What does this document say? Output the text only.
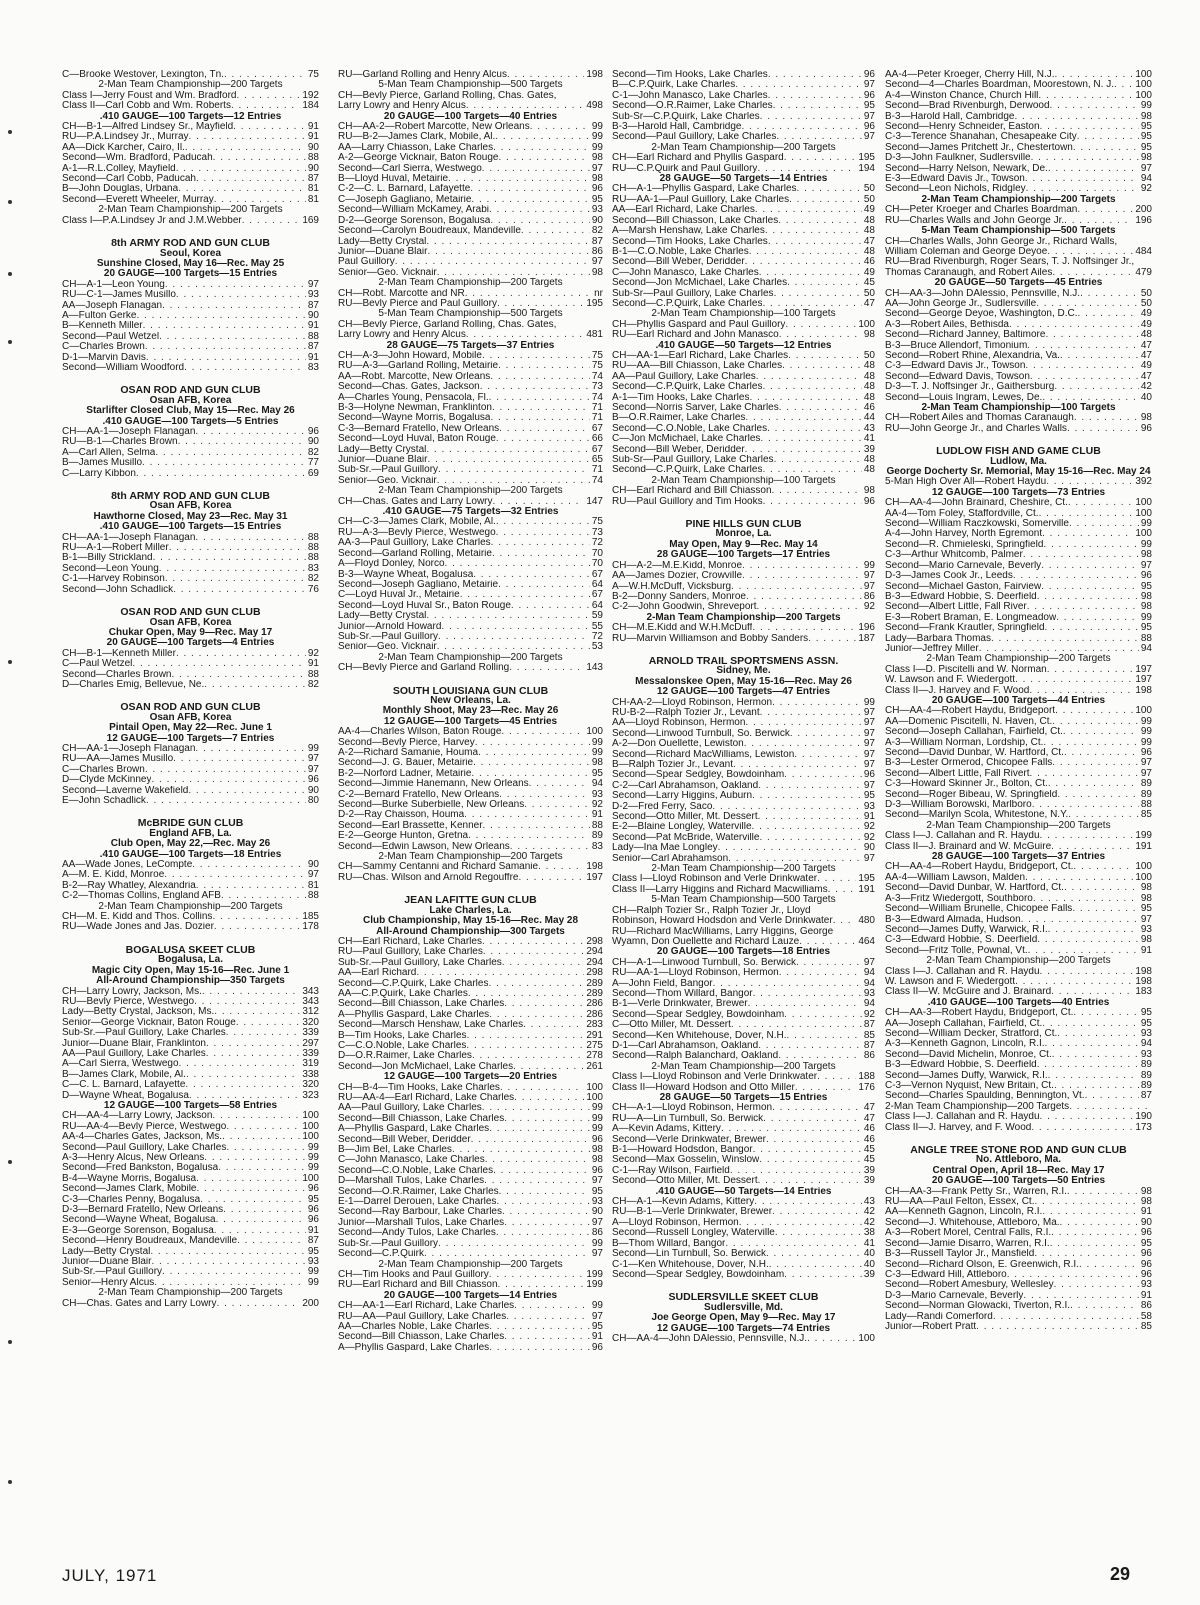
C—Brooke Westover, Lexington, Tn. . . .	75
2-Man Team Championship—200 Targets
Class I—Jerry Foust and Wm. Bradford . . .	192
Class II—Carl Cobb and Wm. Roberts . . .	184
.410 GAUGE—100 Targets—12 Entries
CH—B-1—Alfred Lindsey Sr., Mayfield . . .	91
RU—P.A.Lindsey Jr., Murray . . .	91
AA—Dick Karcher, Cairo, Il. . . .	90
Second—Wm. Bradford, Paducah . . .	88
A-1—R.L.Colley, Mayfield . . .	90
Second—Carl Cobb, Paducah . . .	87
B—John Douglas, Urbana . . .	81
Second—Everett Wheeler, Murray . . .	81
2-Man Team Championship—200 Targets
Class I—P.A.Lindsey Jr and J.M.Webber . . .	169
8th ARMY ROD AND GUN CLUB
Seoul, Korea
Sunshine Closed, May 16—Rec. May 25
20 GAUGE—100 Targets—15 Entries
CH—A-1—Leon Young . . .	97
RU—C-1—James Musillo . . .	93
AA—Joseph Flanagan . . .	87
A—Fulton Gerke . . .	90
B—Kenneth Miller . . .	91
Second—Paul Wetzel . . .	88
C—Charles Brown . . .	87
D-1—Marvin Davis . . .	91
Second—William Woodford . . .	83
OSAN ROD AND GUN CLUB
Osan AFB, Korea
Starlifter Closed Club, May 15—Rec. May 26
.410 GAUGE—100 Targets—5 Entries
CH—AA-1—Joseph Flanagan . . .	96
RU—B-1—Charles Brown . . .	90
A—Carl Allen, Selma . . .	82
B—James Musillo . . .	77
C—Larry Kibbon . . .	69
8th ARMY ROD AND GUN CLUB
Osan AFB, Korea
Hawthorne Closed, May 23—Rec. May 31
.410 GAUGE—100 Targets—15 Entries
CH—AA-1—Joseph Flanagan . . .	88
RU—A-1—Robert Miller . . .	88
B-1—Billy Strickland . . .	88
Second—Leon Young . . .	83
C-1—Harvey Robinson . . .	82
Second—John Schadlick . . .	76
OSAN ROD AND GUN CLUB
Osan AFB, Korea
Chukar Open, May 9—Rec. May 17
20 GAUGE—100 Targets—4 Entries
CH—B-1—Kenneth Miller . . .	92
C—Paul Wetzel . . .	91
Second—Charles Brown . . .	88
D—Charles Emig, Bellevue, Ne. . . .	82
OSAN ROD AND GUN CLUB
Osan AFB, Korea
Pintail Open, May 22—Rec. June 1
12 GAUGE—100 Targets—7 Entries
CH—AA-1—Joseph Flanagan . . .	99
RU—AA—James Musillo . . .	97
C—Charles Brown . . .	97
D—Clyde McKinney . . .	96
Second—Laverne Wakefield . . .	90
E—John Schadlick . . .	80
McBRIDE GUN CLUB
England AFB, La.
Club Open, May 22,—Rec. May 26
.410 GAUGE—100 Targets—18 Entries
AA—Wade Jones, LeCompte . . .	90
A—M. E. Kidd, Monroe . . .	97
B-2—Ray Whatley, Alexandria . . .	81
C-2—Thomas Collins, England AFB . . .	88
2-Man Team Championship—200 Targets
CH—M. E. Kidd and Thos. Collins . . .	185
RU—Wade Jones and Jas. Dozier . . .	178
BOGALUSA SKEET CLUB
Bogalusa, La.
Magic City Open, May 15-16—Rec. June 1
All-Around Championship—350 Targets
CH—Larry Lowry, Jackson, Ms. . . .	343
RU—Bevly Pierce, Westwego . . .	343
Lady—Betty Crystal, Jackson, Ms. . . .	312
Senior—George Vicknair, Baton Rouge . . .	320
Sub-Sr.—Paul Guillory, Lake Charles . . .	339
Junior—Duane Blair, Franklinton . . .	297
AA—Paul Guillory, Lake Charles . . .	339
A—Carl Sierra, Westwego . . .	319
B—James Clark, Mobile, Al. . . .	338
C—C. L. Barnard, Lafayette . . .	320
D—Wayne Wheat, Bogalusa . . .	323
12 GAUGE—100 Targets—58 Entries
CH—AA-4—Larry Lowry, Jackson . . .	100
RU—AA-4—Bevly Pierce, Westwego . . .	100
AA-4—Charles Gates, Jackson, Ms. . . .	100
Second—Paul Guillory, Lake Charles . . .	99
A-3—Henry Alcus, New Orleans . . .	99
Second—Fred Bankston, Bogalusa . . .	99
B-4—Wayne Morris, Bogalusa . . .	100
Second—James Clark, Mobile . . .	96
C-3—Charles Penny, Bogalusa . . .	95
D-3—Bernard Fratello, New Orleans . . .	96
Second—Wayne Wheat, Bogalusa . . .	96
E-3—George Sorenson, Bogalusa . . .	91
Second—Henry Boudreaux, Mandeville . . .	87
Lady—Betty Crystal . . .	95
Junior—Duane Blair . . .	93
Sub-Sr.—Paul Guillory . . .	99
Senior—Henry Alcus . . .	99
2-Man Team Championship—200 Targets
CH—Chas. Gates and Larry Lowry . . .	200
RU—Garland Rolling and Henry Alcus . . .	198
5-Man Team Championship—500 Targets
CH—Bevly Pierce, Garland Rolling, Chas. Gates,
Larry Lowry and Henry Alcus . . .	498
20 GAUGE—100 Targets—40 Entries
CH—AA-2—Robert Marcotte, New Orleans . . .	99
RU—B-2—James Clark, Mobile, Al. . . .	99
AA—Larry Chiasson, Lake Charles . . .	99
A-2—George Vicknair, Baton Rouge . . .	98
Second—Carl Sierra, Westwego . . .	97
B—Lloyd Huval, Metairie . . .	98
C-2—C. L. Barnard, Lafayette . . .	96
C—Joseph Gagliano, Metairie . . .	95
Second—William McKamey, Arabi . . .	93
D-2—George Sorenson, Bogalusa . . .	90
Second—Carolyn Boudreaux, Mandeville . . .	82
Lady—Betty Crystal . . .	87
Junior—Duane Blair . . .	86
Paul Guillory . . .	97
Senior—Geo. Vicknair . . .	98
2-Man Team Championship—200 Targets
CH—Robt. Marcotte and NR . . .	nr
RU—Bevly Pierce and Paul Guillory . . .	195
5-Man Team Championship—500 Targets
CH—Bevly Pierce, Garland Rolling, Chas. Gates,
Larry Lowry and Henry Alcus . . .	481
28 GAUGE—75 Targets—37 Entries
CH—A-3—John Howard, Mobile . . .	75
RU—A-3—Garland Rolling, Metairie . . .	75
AA—Robt. Marcotte, New Orleans . . .	74
Second—Chas. Gates, Jackson . . .	73
A—Charles Young, Pensacola, Fl. . . .	74
B-3—Holyne Newman, Franklinton . . .	71
Second—Wayne Morris, Bogalusa . . .	71
C-3—Bernard Fratello, New Orleans . . .	67
Second—Loyd Huval, Baton Rouge . . .	66
Lady—Betty Crystal . . .	67
Junior—Duane Blair . . .	65
Sub-Sr.—Paul Guillory . . .	71
Senior—Geo. Vicknair . . .	74
2-Man Team Championship—200 Targets
CH—Chas. Gates and Larry Lowry . . .	147
.410 GAUGE—75 Targets—32 Entries
CH—C-3—James Clark, Mobile, Al. . . .	75
RU—A-3—Bevly Pierce, Westwego . . .	73
AA-3—Paul Guillory, Lake Charles . . .	72
Second—Garland Rolling, Metairie . . .	70
A—Floyd Donley, Norco . . .	70
B-3—Wayne Wheat, Bogalusa . . .	67
Second—Joseph Gagliano, Metairie . . .	64
C—Loyd Huval Jr., Metairie . . .	67
Second—Loyd Huval Sr., Baton Rouge . . .	64
Lady—Betty Crystal . . .	59
Junior—Arnold Howard . . .	55
Sub-Sr.—Paul Guillory . . .	72
Senior—Geo. Vicknair . . .	53
2-Man Team Championship—200 Targets
CH—Bevly Pierce and Garland Rolling . . .	143
SOUTH LOUISIANA GUN CLUB
New Orleans, La.
Monthly Shoot, May 23—Rec. May 26
12 GAUGE—100 Targets—45 Entries
AA-4—Charles Wilson, Baton Rouge . . .	100
Second—Bevly Pierce, Harvey . . .	99
A-2—Richard Samanie, Houma . . .	99
Second—J. G. Bauer, Metairie . . .	98
B-2—Norford Ladner, Metairie . . .	95
Second—Jimmie Hanemann, New Orleans . . .	94
C-2—Bernard Fratello, New Orleans . . .	93
Second—Burke Suberbielle, New Orleans . . .	92
D-2—Ray Chaisson, Houma . . .	91
Second—Earl Brassette, Kenner . . .	88
E-2—George Hunton, Gretna . . .	89
Second—Edwin Lawson, New Orleans . . .	83
2-Man Team Championship—200 Targets
CH—Sammy Centanni and Richard Samanie . . .	198
RU—Chas. Wilson and Arnold Regouffre . . .	197
JEAN LAFITTE GUN CLUB
Lake Charles, La.
Club Championship, May 15-16—Rec. May 28
All-Around Championship—300 Targets
CH—Earl Richard, Lake Charles . . .	298
RU—Paul Guillory, Lake Charles . . .	294
Sub-Sr.—Paul Guillory, Lake Charles . . .	294
AA—Earl Richard . . .	298
Second—C.P.Quirk, Lake Charles . . .	289
AA—C.P.Quirk, Lake Charles . . .	289
Second—Bill Chiasson, Lake Charles . . .	286
A—Phyllis Gaspard, Lake Charles . . .	286
Second—Marsch Henshaw, Lake Charles . . .	283
B—Tim Hooks, Lake Charles . . .	291
C—C.O.Noble, Lake Charles . . .	275
D—O.R.Raimer, Lake Charles . . .	278
Second—Jon McMichael, Lake Charles . . .	261
12 GAUGE—100 Targets—20 Entries
CH—B-4—Tim Hooks, Lake Charles . . .	100
RU—AA-4—Earl Richard, Lake Charles . . .	100
AA—Paul Guillory, Lake Charles . . .	99
Second—Bill Chiasson, Lake Charles . . .	99
A—Phyllis Gaspard, Lake Charles . . .	99
Second—Bill Weber, Deridder . . .	96
B—Jim Bel, Lake Charles . . .	98
C—John Manasco, Lake Charles . . .	98
Second—C.O.Noble, Lake Charles . . .	96
D—Marshall Tulos, Lake Charles . . .	97
Second—O.R.Raimer, Lake Charles . . .	95
E-1—Darrel Derouen, Lake Charles . . .	93
Second—Ray Barbour, Lake Charles . . .	90
Junior—Marshall Tulos, Lake Charles . . .	97
Second—Andy Tulos, Lake Charles . . .	86
Sub-Sr.—Paul Guillory . . .	99
Second—C.P.Quirk . . .	97
2-Man Team Championship—200 Targets
CH—Tim Hooks and Paul Guillory . . .	199
RU—Earl Richard and Bill Chiasson . . .	199
20 GAUGE—100 Targets—14 Entries
CH—AA-1—Earl Richard, Lake Charles . . .	99
RU—AA—Paul Guillory, Lake Charles . . .	97
AA—Charles Noble, Lake Charles . . .	95
Second—Bill Chiasson, Lake Charles . . .	91
A—Phyllis Gaspard, Lake Charles . . .	96
Second—Tim Hooks, Lake Charles . . .	96
B—C.P.Quirk, Lake Charles . . .	97
C-1—John Manasco, Lake Charles . . .	96
Second—O.R.Raimer, Lake Charles . . .	95
Sub-Sr—C.P.Quirk, Lake Charles . . .	97
B-3—Harold Hall, Cambridge . . .	96
Second—Paul Guillory, Lake Charles . . .	97
2-Man Team Championship—200 Targets
CH—Earl Richard and Phyllis Gaspard . . .	195
RU—C.P.Quirk and Paul Guillory . . .	194
28 GAUGE—50 Targets—14 Entries
CH—A-1—Phyllis Gaspard, Lake Charles . . .	50
RU—AA-1—Paul Guillory, Lake Charles . . .	50
AA—Earl Richard, Lake Charles . . .	49
Second—Bill Chiasson, Lake Charles . . .	48
A—Marsh Henshaw, Lake Charles . . .	48
Second—Tim Hooks, Lake Charles . . .	47
B-1—C.O.Noble, Lake Charles . . .	48
Second—Bill Weber, Deridder . . .	46
C—John Manasco, Lake Charles . . .	49
Second—Jon McMichael, Lake Charles . . .	45
Sub-Sr—Paul Guillory, Lake Charles . . .	50
Second—C.P.Quirk, Lake Charles . . .	47
2-Man Team Championship—100 Targets
CH—Phyllis Gaspard and Paul Guillory . . .	100
RU—Earl Richard and John Manasco . . .	98
.410 GAUGE—50 Targets—12 Entries
CH—AA-1—Earl Richard, Lake Charles . . .	50
RU—AA—Bill Chiasson, Lake Charles . . .	48
AA—Paul Guillory, Lake Charles . . .	48
Second—C.P.Quirk, Lake Charles . . .	48
A-1—Tim Hooks, Lake Charles . . .	48
Second—Norris Sarver, Lake Charles . . .	46
B—O.R.Raimer, Lake Charles . . .	44
Second—C.O.Noble, Lake Charles . . .	43
C—Jon McMichael, Lake Charles . . .	41
Second—Bill Weber, Deridder . . .	39
Sub-Sr—Paul Guillory, Lake Charles . . .	48
Second—C.P.Quirk, Lake Charles . . .	48
2-Man Team Championship—100 Targets
CH—Earl Richard and Bill Chiasson . . .	98
RU—Paul Guillory and Tim Hooks . . .	96
PINE HILLS GUN CLUB
Monroe, La.
May Open, May 9—Rec. May 14
28 GAUGE—100 Targets—17 Entries
CH—A-2—M.E.Kidd, Monroe . . .	99
AA—James Dozier, Crowville . . .	97
A—W.H.McDuff, Vicksburg . . .	97
B-2—Donny Sanders, Monroe . . .	86
C-2—John Goodwin, Shreveport . . .	92
2-Man Team Championship—200 Targets
CH—M.E.Kidd and W.H.McDuff . . .	196
RU—Marvin Williamson and Bobby Sanders . . .	187
ARNOLD TRAIL SPORTSMENS ASSN.
Sidney, Me.
Messalonskee Open, May 15-16—Rec. May 26
12 GAUGE—100 Targets—47 Entries
CH-AA-2—Lloyd Robinson, Hermon . . .	99
RU-B-2—Ralph Tozier Jr., Levant . . .	97
AA—Lloyd Robinson, Hermon . . .	97
Second—Linwood Turnbull, So. Berwick . . .	97
A-2—Don Ouellette, Lewiston . . .	97
Second—Richard MacWilliams, Lewiston . . .	97
B—Ralph Tozier Jr., Levant . . .	97
Second—Spear Sedgley, Bowdoinham . . .	96
C-2—Carl Abrahamson, Oakland . . .	97
Second—Larry Higgins, Auburn . . .	95
D-2—Fred Ferry, Saco . . .	93
Second—Otto Miller, Mt. Dessert . . .	91
E-2—Blaine Longley, Waterville . . .	92
Second—Pat McBride, Waterville . . .	92
Lady—Ina Mae Longley . . .	90
Senior—Carl Abrahamson . . .	97
2-Man Team Championship—200 Targets
Class I—Lloyd Robinson and Verle Drinkwater . . .	195
Class II—Larry Higgins and Richard Macwilliams . . .	191
5-Man Team Championship—500 Targets
CH—Ralph Tozier Sr., Ralph Tozier Jr., Lloyd
Robinson, Howard Hodsdon and Verle Drinkwater . . .	480
RU—Richard MacWilliams, Larry Higgins, George
Wyamn, Don Ouellette and Richard Lauze . . .	464
20 GAUGE—100 Targets—18 Entries
CH—A-1—Linwood Turnbull, So. Berwick . . .	97
RU—AA-1—Lloyd Robinson, Hermon . . .	94
A—John Field, Bangor . . .	94
Second—Thom Willard, Bangor . . .	93
B-1—Verle Drinkwater, Brewer . . .	94
Second—Spear Sedgley, Bowdoinham . . .	92
C—Otto Miller, Mt. Dessert . . .	87
Second—Ken Whitehouse, Dover, N.H. . . .	85
D-1—Carl Abrahamson, Oakland . . .	87
Second—Ralph Balanchard, Oakland . . .	86
2-Man Team Championship—200 Targets
Class I—Lloyd Robinson and Verle Drinkwater . . .	188
Class II—Howard Hodson and Otto Miller . . .	176
28 GAUGE—50 Targets—15 Entries
CH—A-1—Lloyd Robinson, Hermon . . .	47
RU—A—Lin Turnbull, So. Berwick . . .	47
A—Kevin Adams, Kittery . . .	46
Second—Verle Drinkwater, Brewer . . .	46
B-1—Howard Hodsdon, Bangor . . .	45
Second—Max Gosselin, Winslow . . .	45
C-1—Ray Wilson, Fairfield . . .	39
Second—Otto Miller, Mt. Dessert . . .	39
.410 GAUGE—50 Targets—14 Entries
CH—A-1—Kevin Adams, Kittery . . .	43
RU—B-1—Verle Drinkwater, Brewer . . .	42
A—Lloyd Robinson, Hermon . . .	42
Second—Russell Longley, Waterville . . .	38
B—Thom Willard, Bangor . . .	41
Second—Lin Turnbull, So. Berwick . . .	40
C-1—Ken Whitehouse, Dover, N.H. . . .	40
Second—Spear Sedgley, Bowdoinham . . .	39
SUDLERSVILLE SKEET CLUB
Sudlersville, Md.
Joe George Open, May 9—Rec. May 17
12 GAUGE—100 Targets—74 Entries
CH—AA-4—John DAlessio, Pennsville, N.J. . . .	100
AA-4—Peter Kroeger, Cherry Hill, N.J. . . .	100
Second—4—Charles Boardman, Moorestown, N. J. . . . 100
A-4—Winston Chance, Church Hill . . .	100
Second—Brad Rivenburgh, Derwood . . .	99
B-3—Harold Hall, Cambridge . . .	98
Second—Henry Schneider, Easton . . .	95
C-3—Terence Shanahan, Chesapeake City . . .	95
Second—James Pritchett Jr., Chestertown . . .	95
D-3—John Faulkner, Sudlersville . . .	98
Second—Harry Nelson, Newark, De. . . .	97
E-3—Edward Davis Jr., Towson . . .	94
Second—Leon Nichols, Ridgley . . .	92
2-Man Team Championship—200 Targets
CH—Peter Kroeger and Charles Boardman . . .	200
RU—Charles Walls and John George Jr. . . .	196
5-Man Team Championship—500 Targets
CH—Charles Walls, John George Jr., Richard Walls,
William Coleman and George Deyoe . . .	484
RU—Brad Rivenburgh, Roger Sears, T. J. Noffsinger Jr.,
Thomas Caranaugh, and Robert Ailes . . .	479
20 GAUGE—50 Targets—45 Entries
CH—AA-3—John DAlessio, Pennsville, N.J. . . .	50
AA—John George Jr., Sudlersville . . .	50
Second—George Deyoe, Washington, D.C. . . .	49
A-3—Robert Ailes, Bethisda . . .	49
Second—Richard Janney, Baltimore . . .	48
B-3—Bruce Allendorf, Timonium . . .	47
Second—Robert Rhine, Alexandria, Va. . . .	47
C-3—Edward Davis Jr., Towson . . .	49
Second—Edward Davis, Towson . . .	47
D-3—T. J. Noffsinger Jr., Gaithersburg . . .	42
Second—Louis Ingram, Lewes, De. . . .	40
2-Man Team Championship—100 Targets
CH—Robert Ailes and Thomas Caranaugh . . .	98
RU—John George Jr., and Charles Walls . . .	96
LUDLOW FISH AND GAME CLUB
Ludlow, Ma.
George Docherty Sr. Memorial, May 15-16—Rec. May 24
5-Man High Over All—Robert Haydu . . .	392
12 GAUGE—100 Targets—73 Entries
CH—AA-4—John Brainard, Cheshire, Ct. . . .	100
AA-4—Tom Foley, Staffordville, Ct. . . .	100
Second—William Raczkowski, Somerville . . .	99
A-4—John Harvey, North Egremont . . .	100
Second—R. Chmieleski, Springfield . . .	99
C-3—Arthur Whitcomb, Palmer . . .	98
Second—Mario Carnevale, Beverly . . .	97
D-3—James Cook Jr., Leeds . . .	96
Second—Michael Gaston, Fairview . . .	95
B-3—Edward Hobbie, S. Deerfield . . .	98
Second—Albert Little, Fall River . . .	98
E-3—Robert Braman, E. Longmeadow . . .	99
Second—Frank Krautler, Springfield . . .	95
Lady—Barbara Thomas . . .	88
Junior—Jeffrey Miller . . .	94
2-Man Team Championship—200 Targets
Class I—D. Piscitelli and W. Norman . . .	197
W. Lawson and F. Wiedergott . . .	197
Class II—J. Harvey and F. Wood . . .	198
20 GAUGE—100 Targets—44 Entries
CH—AA-4—Robert Haydu, Bridgeport . . .	100
AA—Domenic Piscitelli, N. Haven, Ct. . . .	99
Second—Joseph Callahan, Fairfield, Ct. . . .	99
A-3—William Norman, Lordship, Ct. . . .	99
Second—David Dunbar, W. Hartford, Ct. . . .	96
B-3—Lester Ormerod, Chicopee Falls . . .	97
Second—Albert Little, Fall Rivert . . .	97
C-3—Howard Skinner Jr., Bolton, Ct. . . .	89
Second—Roger Bibeau, W. Springfield . . .	89
D-3—William Borowski, Marlboro . . .	88
Second—Marilyn Scola, Whitestone, N.Y. . . .	85
2-Man Team Championship—200 Targets
Class I—J. Callahan and R. Haydu . . .	199
Class II—J. Brainard and W. McGuire . . .	191
28 GAUGE—100 Targets—37 Entries
CH—AA-4—Robert Haydu, Bridgeport, Ct. . . .	100
AA-4—William Lawson, Malden . . .	100
Second—David Dunbar, W. Hartford, Ct. . . .	98
A-3—Fritz Wiedergott, Southboro . . .	98
Second—William Brunelle, Chicopee Falls . . .	95
B-3—Edward Almada, Hudson . . .	97
Second—James Duffy, Warwick, R.I. . . .	93
C-3—Edward Hobbie, S. Deerfield . . .	98
Second—Fritz Tolle, Pownal, Vt. . . .	91
2-Man Team Championship—200 Targets
Class I—J. Callahan and R. Haydu . . .	198
W. Lawson and F. Wiedergott . . .	198
Class II—W. McGuire and J. Brainard . . .	183
.410 GAUGE—100 Targets—40 Entries
CH—AA-3—Robert Haydu, Bridgeport, Ct. . . .	95
AA—Joseph Callahan, Fairfield, Ct. . . .	95
Second—William Decker, Stratford, Ct. . . .	93
A-3—Kenneth Gagnon, Lincoln, R.I. . . .	94
Second—David Michelin, Monroe, Ct. . . .	93
B-3—Edward Hobbie, S. Deerfield . . .	89
Second—James Duffy, Warwick, R.I. . . .	89
C-3—Vernon Nyquist, New Britain, Ct. . . .	89
Second—Charles Spaulding, Bennington, Vt. . . .	87
2-Man Team Championship—200 Targets
. . .
Class I—J. Callahan and R. Haydu . . .	190
Class II—J. Harvey, and F. Wood . . .	173
ANGLE TREE STONE ROD AND GUN CLUB
No. Attleboro, Ma.
Central Open, April 18—Rec. May 17
20 GAUGE—100 Targets—50 Entries
CH—AA-3—Frank Petty Sr., Warren, R.I. . . .	98
RU—AA—Paul Felton, Essex, Ct. . . .	98
AA—Kenneth Gagnon, Lincoln, R.I. . . .	91
Second—J. Whitehouse, Attleboro, Ma. . . .	90
A-3—Robert Morel, Central Falls, R.I. . . .	96
Second—Jamie Disarro, Warren, R.I. . . .	95
B-3—Russell Taylor Jr., Mansfield . . .	96
Second—Richard Olson, E. Greenwich, R.I. . . .	96
C-3—Edward Hill, Attleboro . . .	96
Second—Robert Amesbury, Wellesley . . .	93
D-3—Mario Carnevale, Beverly . . .	91
Second—Norman Glowacki, Tiverton, R.I. . . .	86
Lady—Randi Comerford . . .	58
Junior—Robert Pratt . . .	85
JULY, 1971	29
